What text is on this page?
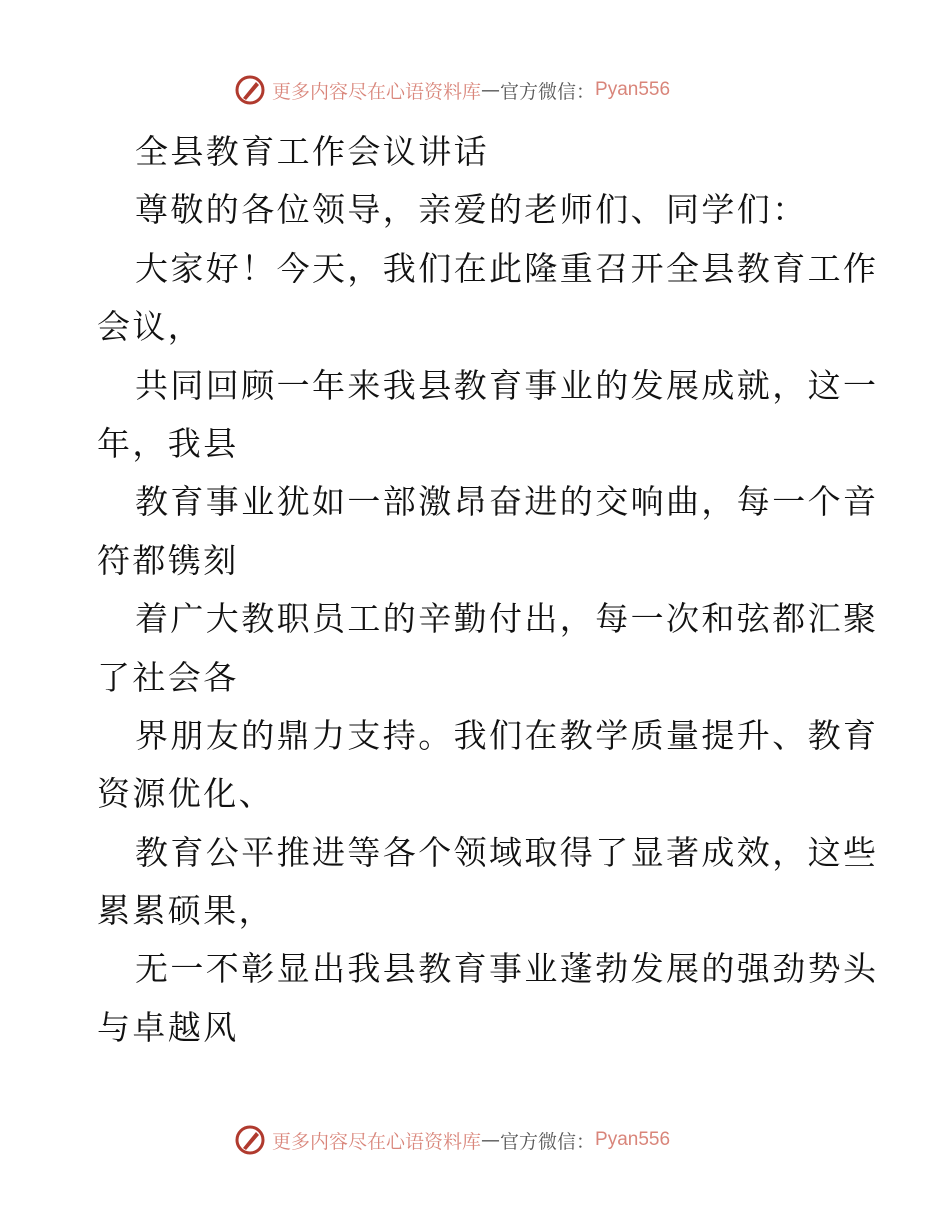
更多内容尽在心语资料库 — 官方微信： Pyan556
全县教育工作会议讲话
尊敬的各位领导，亲爱的老师们、同学们：
大家好！今天，我们在此隆重召开全县教育工作
会议，
共同回顾一年来我县教育事业的发展成就，这一
年，我县
教育事业犹如一部激昂奋进的交响曲，每一个音
符都镌刻
着广大教职员工的辛勤付出，每一次和弦都汇聚
了社会各
界朋友的鼎力支持。我们在教学质量提升、教育
资源优化、
教育公平推进等各个领域取得了显著成效，这些
累累硕果，
无一不彰显出我县教育事业蓬勃发展的强劲势头
与卓越风
更多内容尽在心语资料库 — 官方微信： Pyan556
